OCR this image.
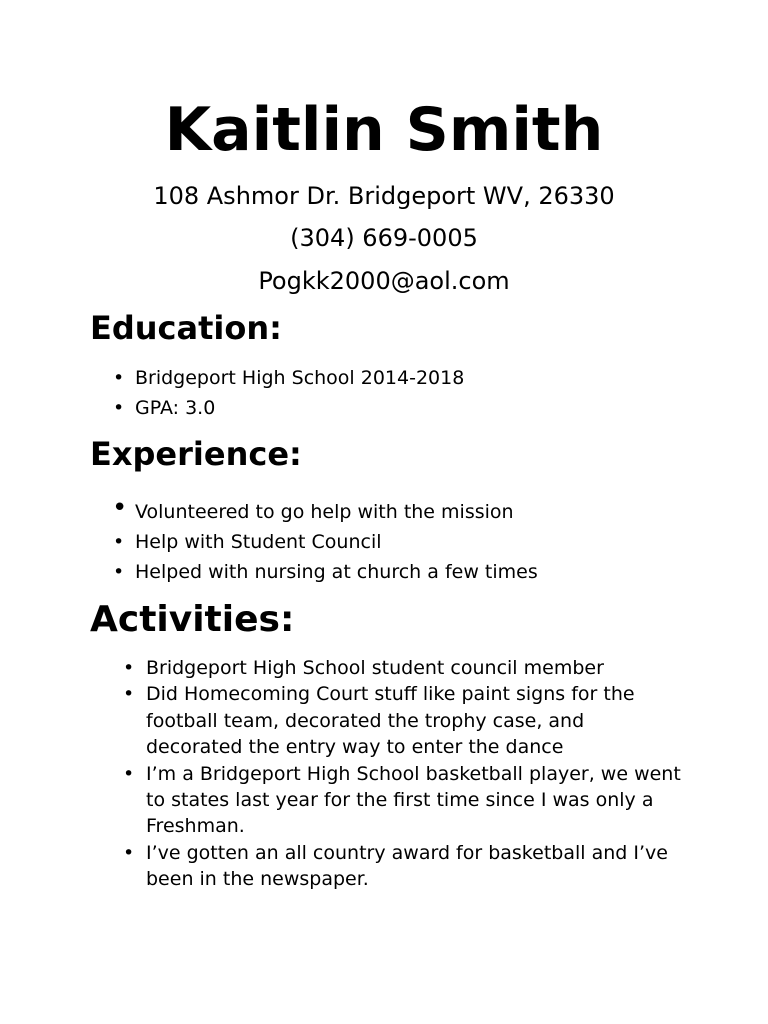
Kaitlin Smith

108 Ashmor Dr. Bridgeport WV, 26330

(304) 669-0005

Pogkk2000@aol.com

Education:
• Bridgeport High School 2014-2018
• GPA: 3.0
Experience:
• Volunteered to go help with the mission
• Help with Student Council
• Helped with nursing at church a few times
Activities:
• Bridgeport High School student council member
• Did Homecoming Court stuff like paint signs for the football team, decorated the trophy case, and decorated the entry way to enter the dance
• I’m a Bridgeport High School basketball player, we went to states last year for the first time since I was only a Freshman.
• I’ve gotten an all country award for basketball and I’ve been in the newspaper.
